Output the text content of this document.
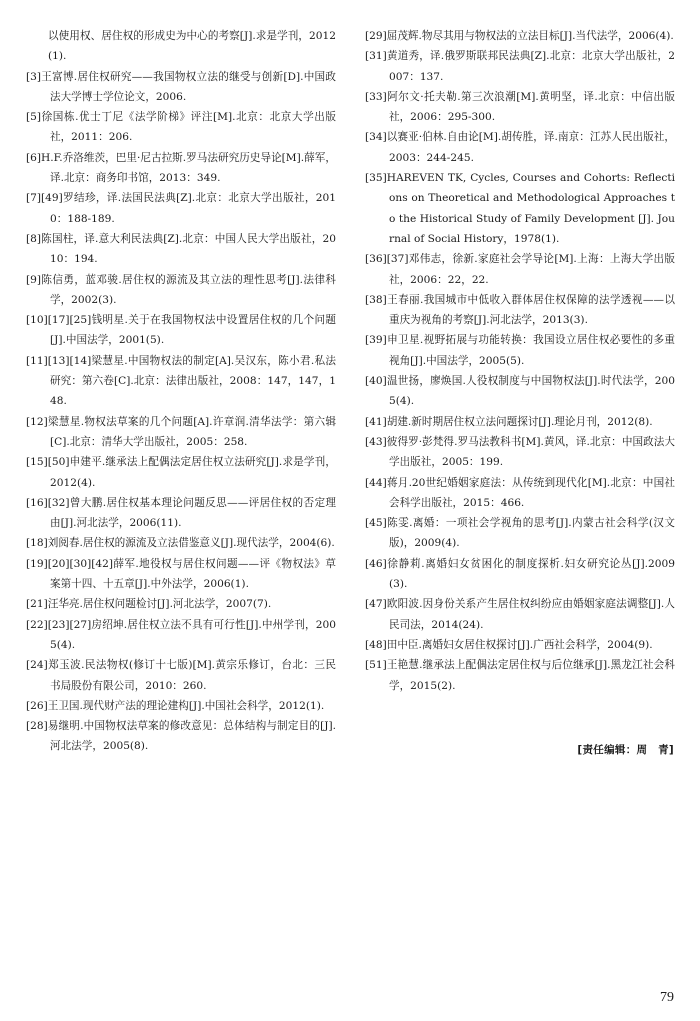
以使用权、居住权的形成史为中心的考察[J].求是学刊，2012(1).
[3]王富博.居住权研究——我国物权立法的继受与创新[D].中国政法大学博士学位论文，2006.
[5]徐国栋.优士丁尼《法学阶梯》评注[M].北京：北京大学出版社，2011：206.
[6]H.F.乔洛维茨，巴里·尼古拉斯.罗马法研究历史导论[M].薛军，译.北京：商务印书馆，2013：349.
[7][49]罗结珍，译.法国民法典[Z].北京：北京大学出版社，2010：188-189.
[8]陈国柱，译.意大利民法典[Z].北京：中国人民大学出版社，2010：194.
[9]陈信勇，蓝邓骏.居住权的源流及其立法的理性思考[J].法律科学，2002(3).
[10][17][25]钱明星.关于在我国物权法中设置居住权的几个问题[J].中国法学，2001(5).
[11][13][14]梁慧星.中国物权法的制定[A].吴汉东，陈小君.私法研究：第六卷[C].北京：法律出版社，2008：147，147，148.
[12]梁慧星.物权法草案的几个问题[A].许章润.清华法学：第六辑[C].北京：清华大学出版社，2005：258.
[15][50]申建平.继承法上配偶法定居住权立法研究[J].求是学刊，2012(4).
[16][32]曾大鹏.居住权基本理论问题反思——评居住权的否定理由[J].河北法学，2006(11).
[18]刘阅春.居住权的源流及立法借鉴意义[J].现代法学，2004(6).
[19][20][30][42]薛军.地役权与居住权问题——评《物权法》草案第十四、十五章[J].中外法学，2006(1).
[21]汪华亮.居住权问题检讨[J].河北法学，2007(7).
[22][23][27]房绍坤.居住权立法不具有可行性[J].中州学刊，2005(4).
[24]郑玉波.民法物权(修订十七版)[M].黄宗乐修订，台北：三民书局股份有限公司，2010：260.
[26]王卫国.现代财产法的理论建构[J].中国社会科学，2012(1).
[28]易继明.中国物权法草案的修改意见：总体结构与制定目的[J].河北法学，2005(8).
[29]屈茂辉.物尽其用与物权法的立法目标[J].当代法学，2006(4).
[31]黄道秀，译.俄罗斯联邦民法典[Z].北京：北京大学出版社，2007：137.
[33]阿尔文·托夫勒.第三次浪潮[M].黄明坚，译.北京：中信出版社，2006：295-300.
[34]以赛亚·伯林.自由论[M].胡传胜，译.南京：江苏人民出版社，2003：244-245.
[35]HAREVEN TK, Cycles, Courses and Cohorts: Reflections on Theoretical and Methodological Approaches to the Historical Study of Family Development [J]. Journal of Social History，1978(1).
[36][37]邓伟志，徐新.家庭社会学导论[M].上海：上海大学出版社，2006：22，22.
[38]王春丽.我国城市中低收入群体居住权保障的法学透视——以重庆为视角的考察[J].河北法学，2013(3).
[39]申卫星.视野拓展与功能转换：我国设立居住权必要性的多重视角[J].中国法学，2005(5).
[40]温世扬，廖焕国.人役权制度与中国物权法[J].时代法学，2005(4).
[41]胡建.新时期居住权立法问题探讨[J].理论月刊，2012(8).
[43]彼得罗·彭梵得.罗马法教科书[M].黄风，译.北京：中国政法大学出版社，2005：199.
[44]蒋月.20世纪婚姻家庭法：从传统到现代化[M].北京：中国社会科学出版社，2015：466.
[45]陈雯.离婚：一项社会学视角的思考[J].内蒙古社会科学(汉文版)，2009(4).
[46]徐静莉.离婚妇女贫困化的制度探析.妇女研究论丛[J].2009(3).
[47]欧阳波.因身份关系产生居住权纠纷应由婚姻家庭法调整[J].人民司法，2014(24).
[48]田中臣.离婚妇女居住权探讨[J].广西社会科学，2004(9).
[51]王艳慧.继承法上配偶法定居住权与后位继承[J].黑龙江社会科学，2015(2).
[责任编辑：周　青]
79
